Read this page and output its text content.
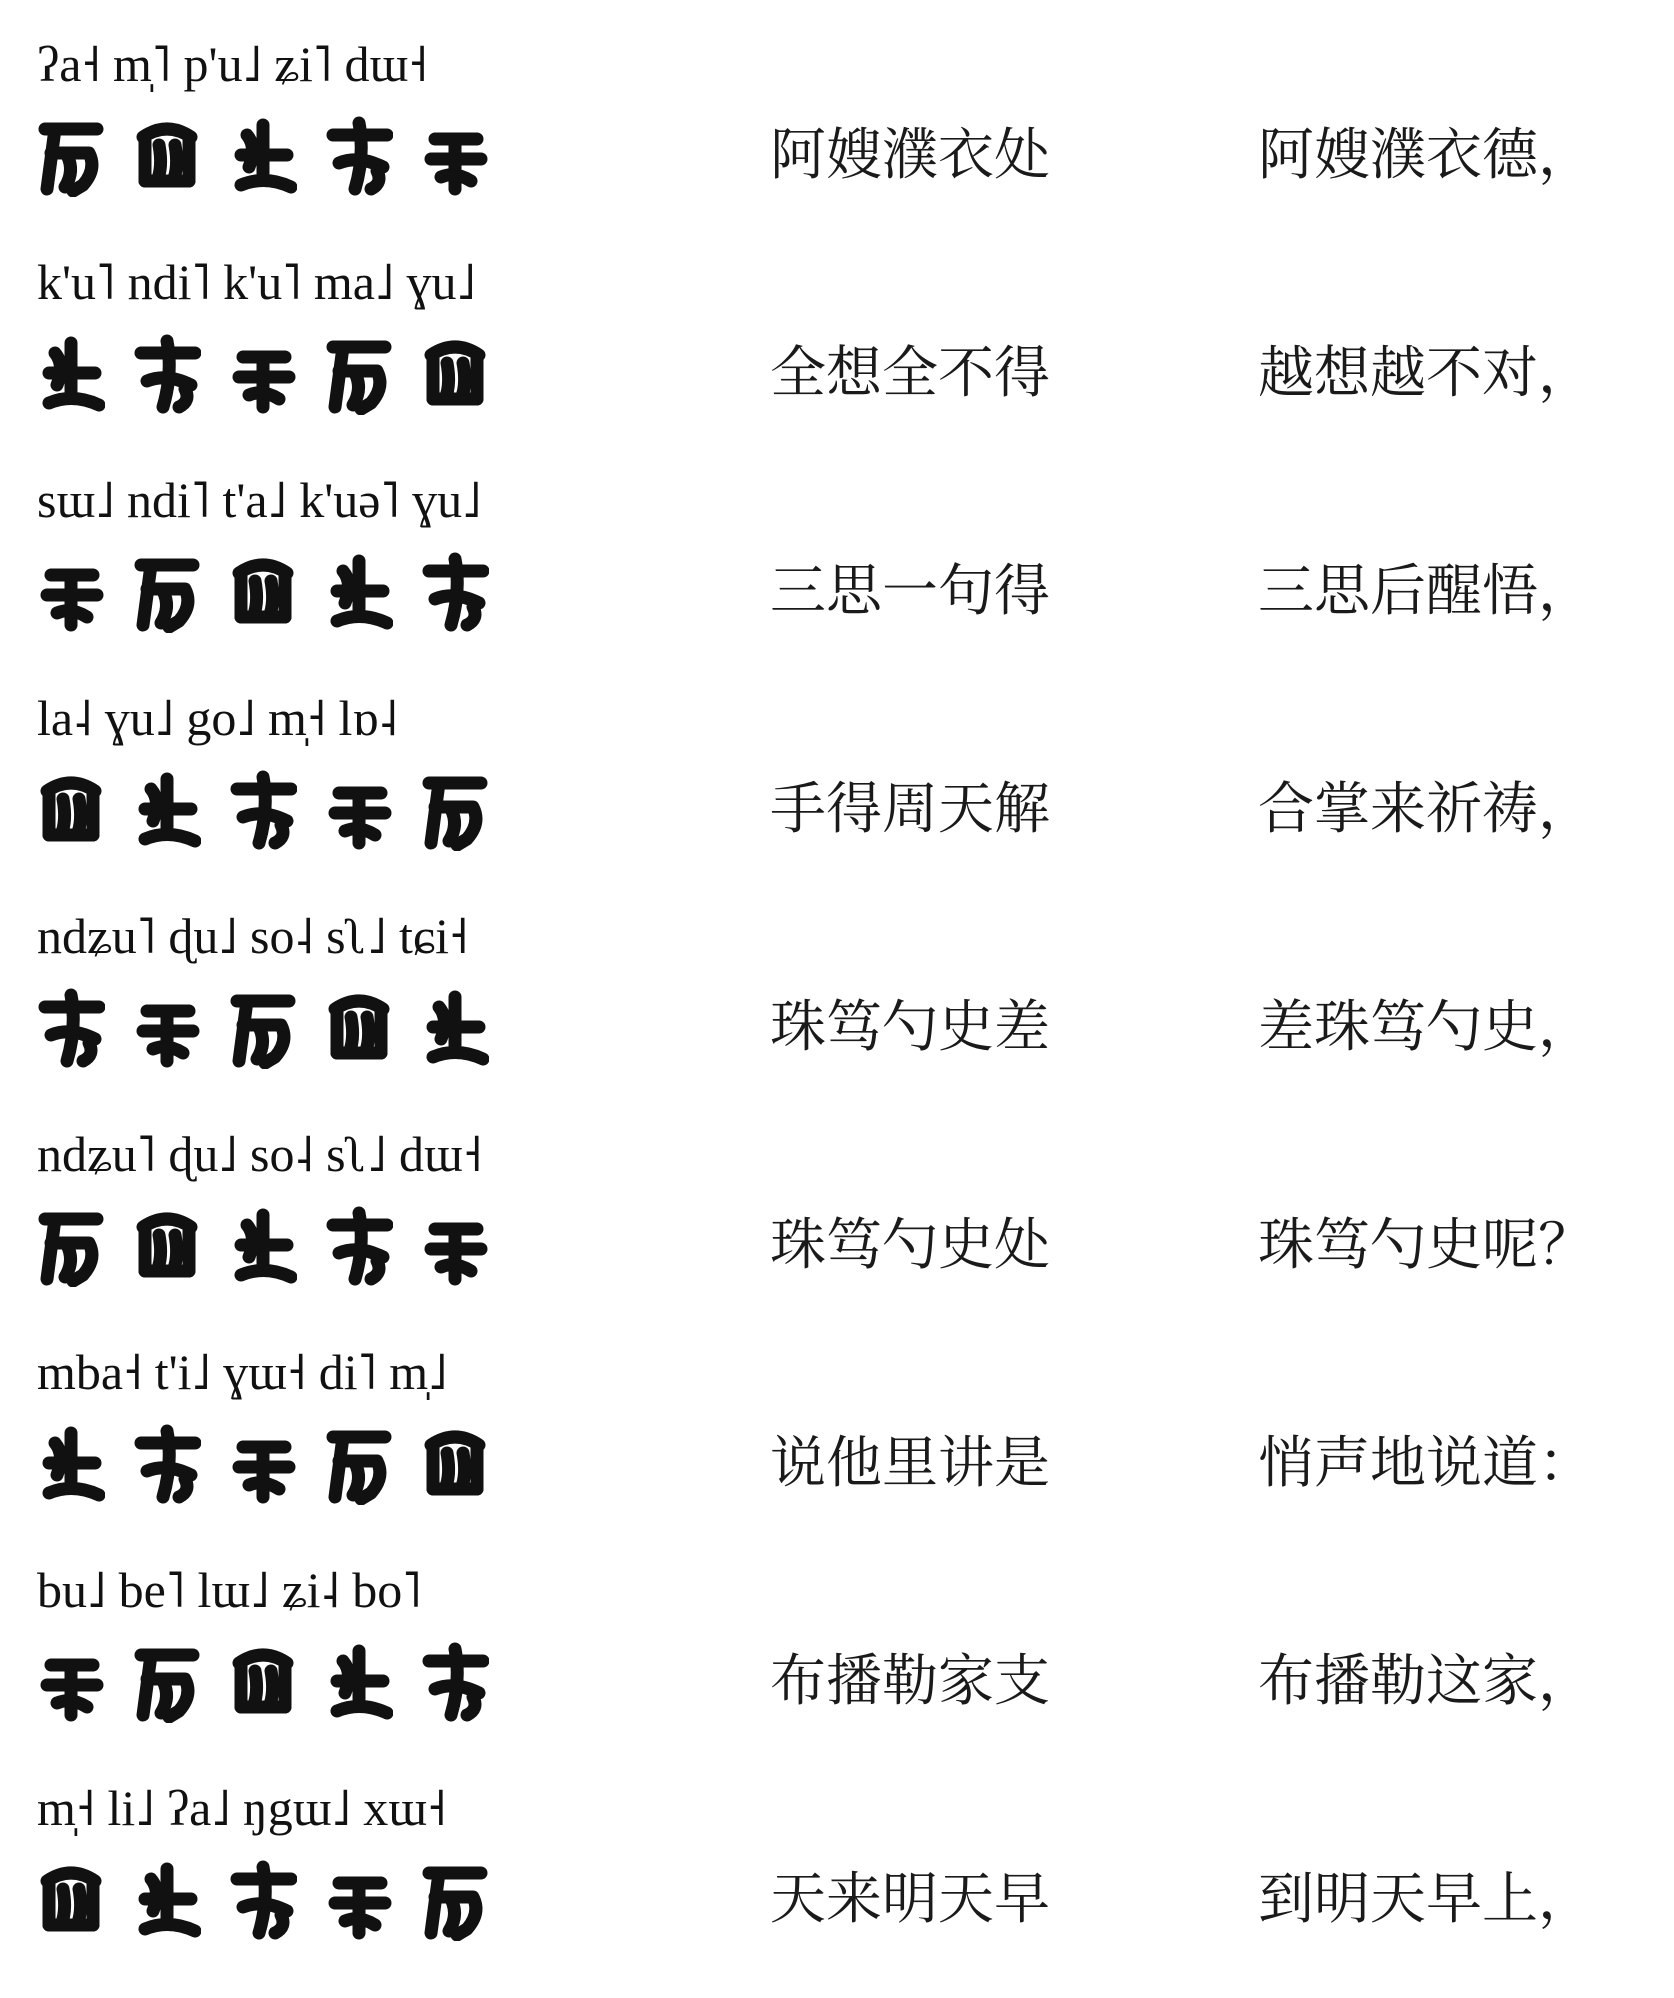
ʔa˧ m̩˥ p'u˩ ʑi˥ dɯ˧
阿嫂濮衣处	阿嫂濮衣德，
k'u˥ ndi˥ k'u˥ ma˩ ɣu˩
全想全不得	越想越不对，
sɯ˩ ndi˥ t'a˩ k'uə˥ ɣu˩
三思一句得	三思后醒悟，
la˨ ɣu˩ go˩ m̩˧ lɒ˨
手得周天解	合掌来祈祷，
ndʑu˥ ɖu˩ so˨ sʅ˩ tɕi˧
珠笃勺史差	差珠笃勺史，
ndʑu˥ ɖu˩ so˨ sʅ˩ dɯ˧
珠笃勺史处	珠笃勺史呢？
mba˧ t'i˩ ɣɯ˧ di˥ m̩˩
说他里讲是	悄声地说道：
bu˩ be˥ lɯ˩ ʑi˨ bo˥
布播勒家支	布播勒这家，
m̩˧ li˩ ʔa˩ ŋgɯ˩ xɯ˧
天来明天早	到明天早上，
